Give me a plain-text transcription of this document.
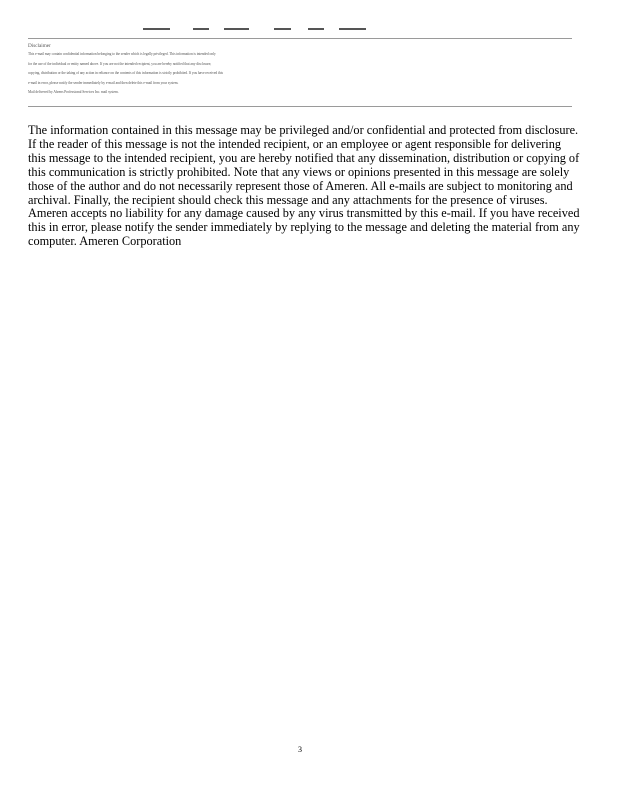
Disclaimer

This e-mail may contain confidential information belonging to the sender which is legally privileged. This information is intended only

for the use of the individual or entity named above. If you are not the intended recipient, you are hereby notified that any disclosure,

copying, distribution or the taking of any action in reliance on the contents of this information is strictly prohibited. If you have received this

e-mail in error, please notify the sender immediately by e-mail and then delete this e-mail from your system.

Mail delivered by Ahrens Professional Services Inc. mail system.

The information contained in this message may be privileged and/or confidential and protected from disclosure.
If the reader of this message is not the intended recipient, or an employee or agent responsible for delivering
this message to the intended recipient, you are hereby notified that any dissemination, distribution or copying of
this communication is strictly prohibited. Note that any views or opinions presented in this message are solely
those of the author and do not necessarily represent those of Ameren. All e-mails are subject to monitoring and
archival. Finally, the recipient should check this message and any attachments for the presence of viruses.
Ameren accepts no liability for any damage caused by any virus transmitted by this e-mail. If you have received
this in error, please notify the sender immediately by replying to the message and deleting the material from any
computer. Ameren Corporation

3
